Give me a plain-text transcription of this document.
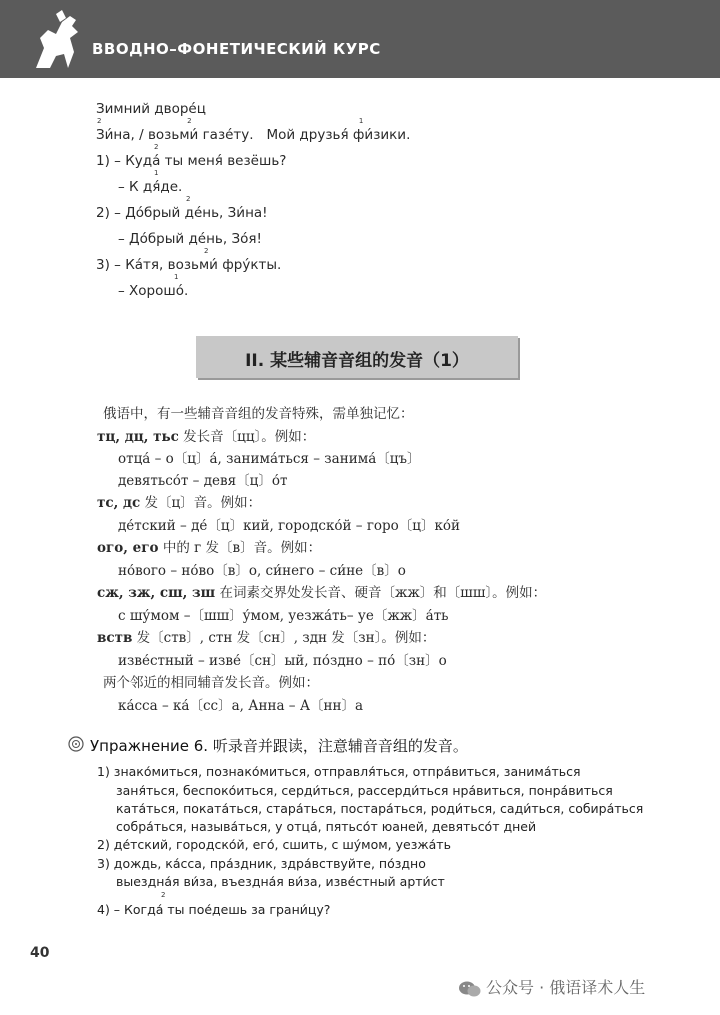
ВВОДНО–ФОНЕТИЧЕСКИЙ КУРС
Зимний дворе́ц
2
Зи́на,
2
/ возьми́ газе́ту. Мой друзья́
1
фи́зики.
2
1) – Куда́ ты меня́ везёшь?
1
– К дя́де.
2
2) – До́брый де́нь, Зи́на!
– До́брый де́нь, Зо́я!
2
3) – Ка́тя, возьми́ фру́кты.
1
– Хорошо́.
II. 某些辅音音组的发音（1）
俄语中，有一些辅音音组的发音特殊，需单独记忆：
тц, дц, тьс 发长音〔цц〕。例如：
отца́ – о〔ц〕а́, занима́ться – занима́〔цъ〕
девятьсо́т – девя〔ц〕о́т
тс, дс 发〔ц〕音。例如：
де́тский – де́〔ц〕кий, городско́й – горо〔ц〕ко́й
ого, его 中的 г 发〔в〕音。例如：
но́вого – но́во〔в〕о, си́него – си́не〔в〕о
сж, зж, сш, зш 在词素交界处发长音、硬音〔жж〕和〔шш〕。例如：
с шу́мом –〔шш〕у́мом, уезжа́ть– уе〔жж〕а́ть
вств 发〔ств〕, стн 发〔сн〕, здн 发〔зн〕。例如：
изве́стный – изве́〔сн〕ый, по́здно – по́〔зн〕о
两个邻近的相同辅音发长音。例如：
ка́сса – ка́〔сс〕а, Анна – А〔нн〕а
Упражнение 6. 听录音并跟读，注意辅音音组的发音。
1) знако́миться, познако́миться, отправля́ться, отпра́виться, занима́ться
заня́ться, беспоко́иться, серди́ться, рассерди́ться нра́виться, понра́виться
ката́ться, поката́ться, стара́ться, постара́ться, роди́ться, сади́ться, собира́ться
собра́ться, называ́ться, у отца́, пятьсо́т юаней, девятьсо́т дней
2) де́тский, городско́й, его́, сшить, с шу́мом, уезжа́ть
3) дождь, ка́сса, пра́здник, здра́вствуйте, по́здно
выездна́я ви́за, въездна́я ви́за, изве́стный арти́ст
2
4) – Когда́ ты пое́дешь за грани́цу?
40
公众号 · 俄语译术人生
